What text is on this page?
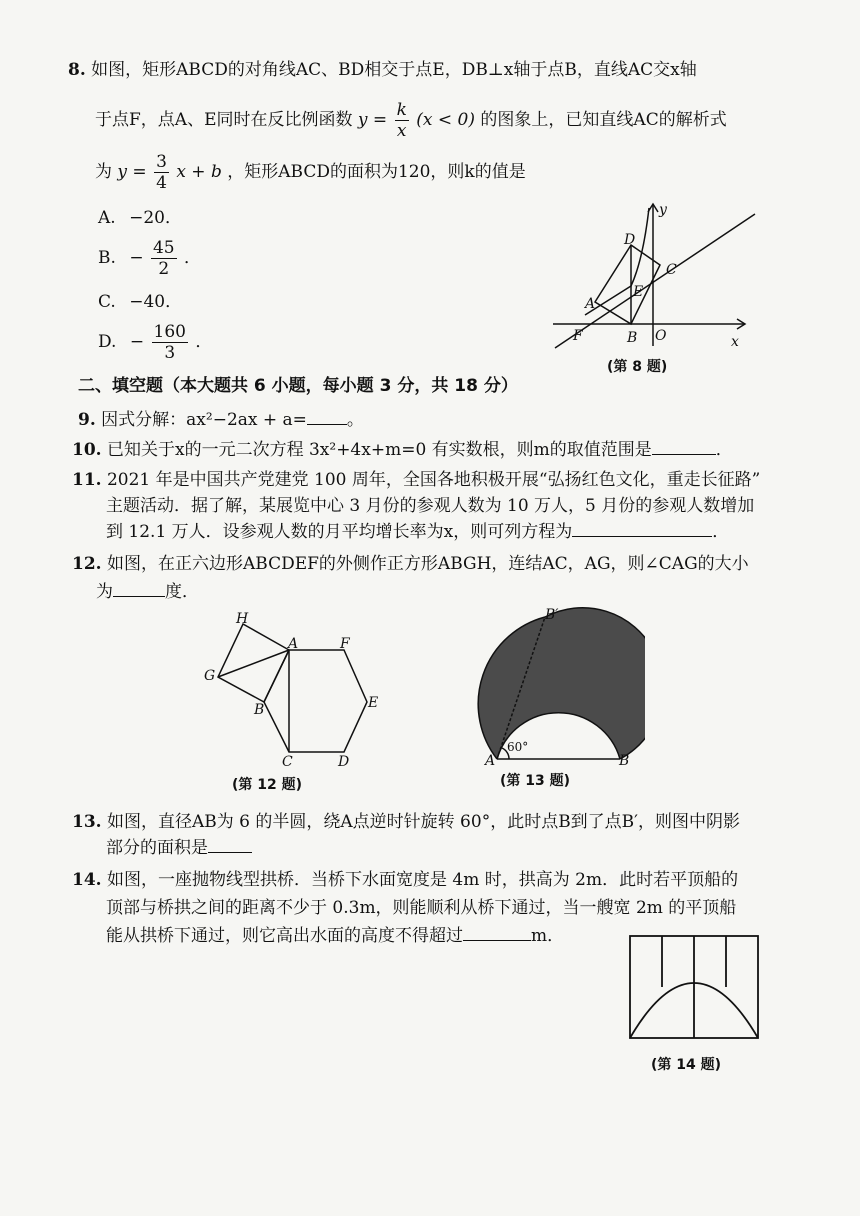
8. 如图，矩形ABCD的对角线AC、BD相交于点E，DB⊥x轴于点B，直线AC交x轴
于点F，点A、E同时在反比例函数 $y = \frac{k}{x} (x < 0)$ 的图象上，已知直线AC的解析式
为 $y = \frac{3}{4}$ x + b ，矩形ABCD的面积为120，则k的值是
A. −20．
B. − $\frac{45}{2}$ ．
C. −40．
D. − $\frac{160}{3}$ ．
D
C
E
A
F	B O
y
x
(第 8 题)
二、填空题（本大题共 6 小题，每小题 3 分，共 18 分）
9. 因式分解：ax²−2ax + a= 。
10. 已知关于x的一元二次方程 3x²+4x+m=0 有实数根，则m的取值范围是	．
11. 2021 年是中国共产党建党 100 周年，全国各地积极开展“弘扬红色文化，重走长征路”
主题活动．据了解，某展览中心 3 月份的参观人数为 10 万人，5 月份的参观人数增加
到 12.1 万人．设参观人数的月平均增长率为x，则可列方程为	．
12. 如图，在正六边形ABCDEF的外侧作正方形ABGH，连结AC，AG，则∠CAG的大小
为	度．
H
A	F
G
E
B
C	D
(第 12 题)
B′
A	B
60°
(第 13 题)
13. 如图，直径AB为 6 的半圆，绕A点逆时针旋转 60°，此时点B到了点B′，则图中阴影
部分的面积是
14. 如图，一座抛物线型拱桥．当桥下水面宽度是 4m 时，拱高为 2m．此时若平顶船的
顶部与桥拱之间的距离不少于 0.3m，则能顺利从桥下通过，当一艘宽 2m 的平顶船
能从拱桥下通过，则它高出水面的高度不得超过	m．
(第 14 题)
